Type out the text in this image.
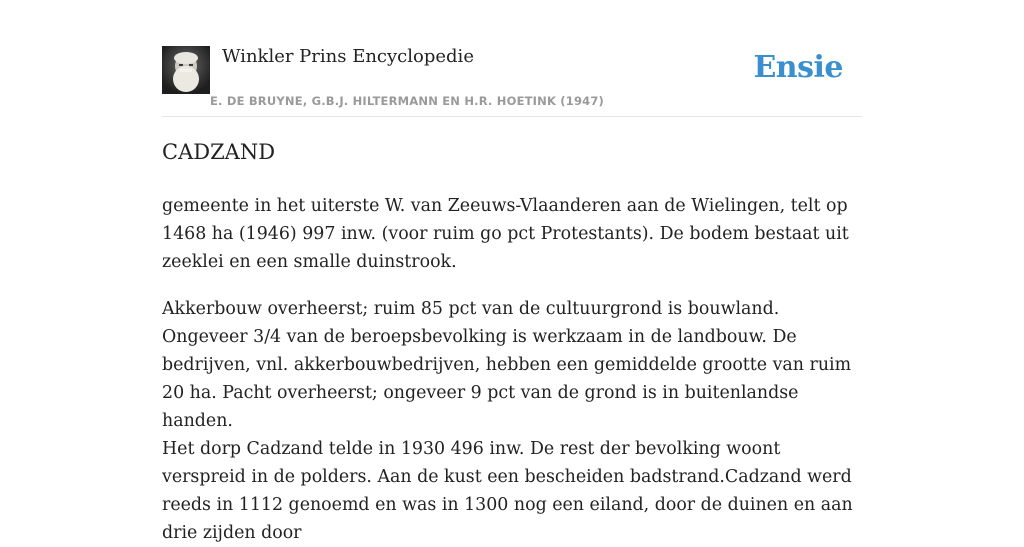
Winkler Prins Encyclopedie
E. DE BRUYNE, G.B.J. HILTERMANN EN H.R. HOETINK (1947)
Ensie
CADZAND

gemeente in het uiterste W. van Zeeuws-Vlaanderen aan de Wielingen, telt op 1468 ha (1946) 997 inw. (voor ruim go pct Protestants). De bodem bestaat uit zeeklei en een smalle duinstrook.

Akkerbouw overheerst; ruim 85 pct van de cultuurgrond is bouwland. Ongeveer 3/4 van de beroepsbevolking is werkzaam in de landbouw. De bedrijven, vnl. akkerbouwbedrijven, hebben een gemiddelde grootte van ruim 20 ha. Pacht overheerst; ongeveer 9 pct van de grond is in buitenlandse handen.

Het dorp Cadzand telde in 1930 496 inw. De rest der bevolking woont verspreid in de polders. Aan de kust een bescheiden badstrand.Cadzand werd reeds in 1112 genoemd en was in 1300 nog een eiland, door de duinen en aan drie zijden door
